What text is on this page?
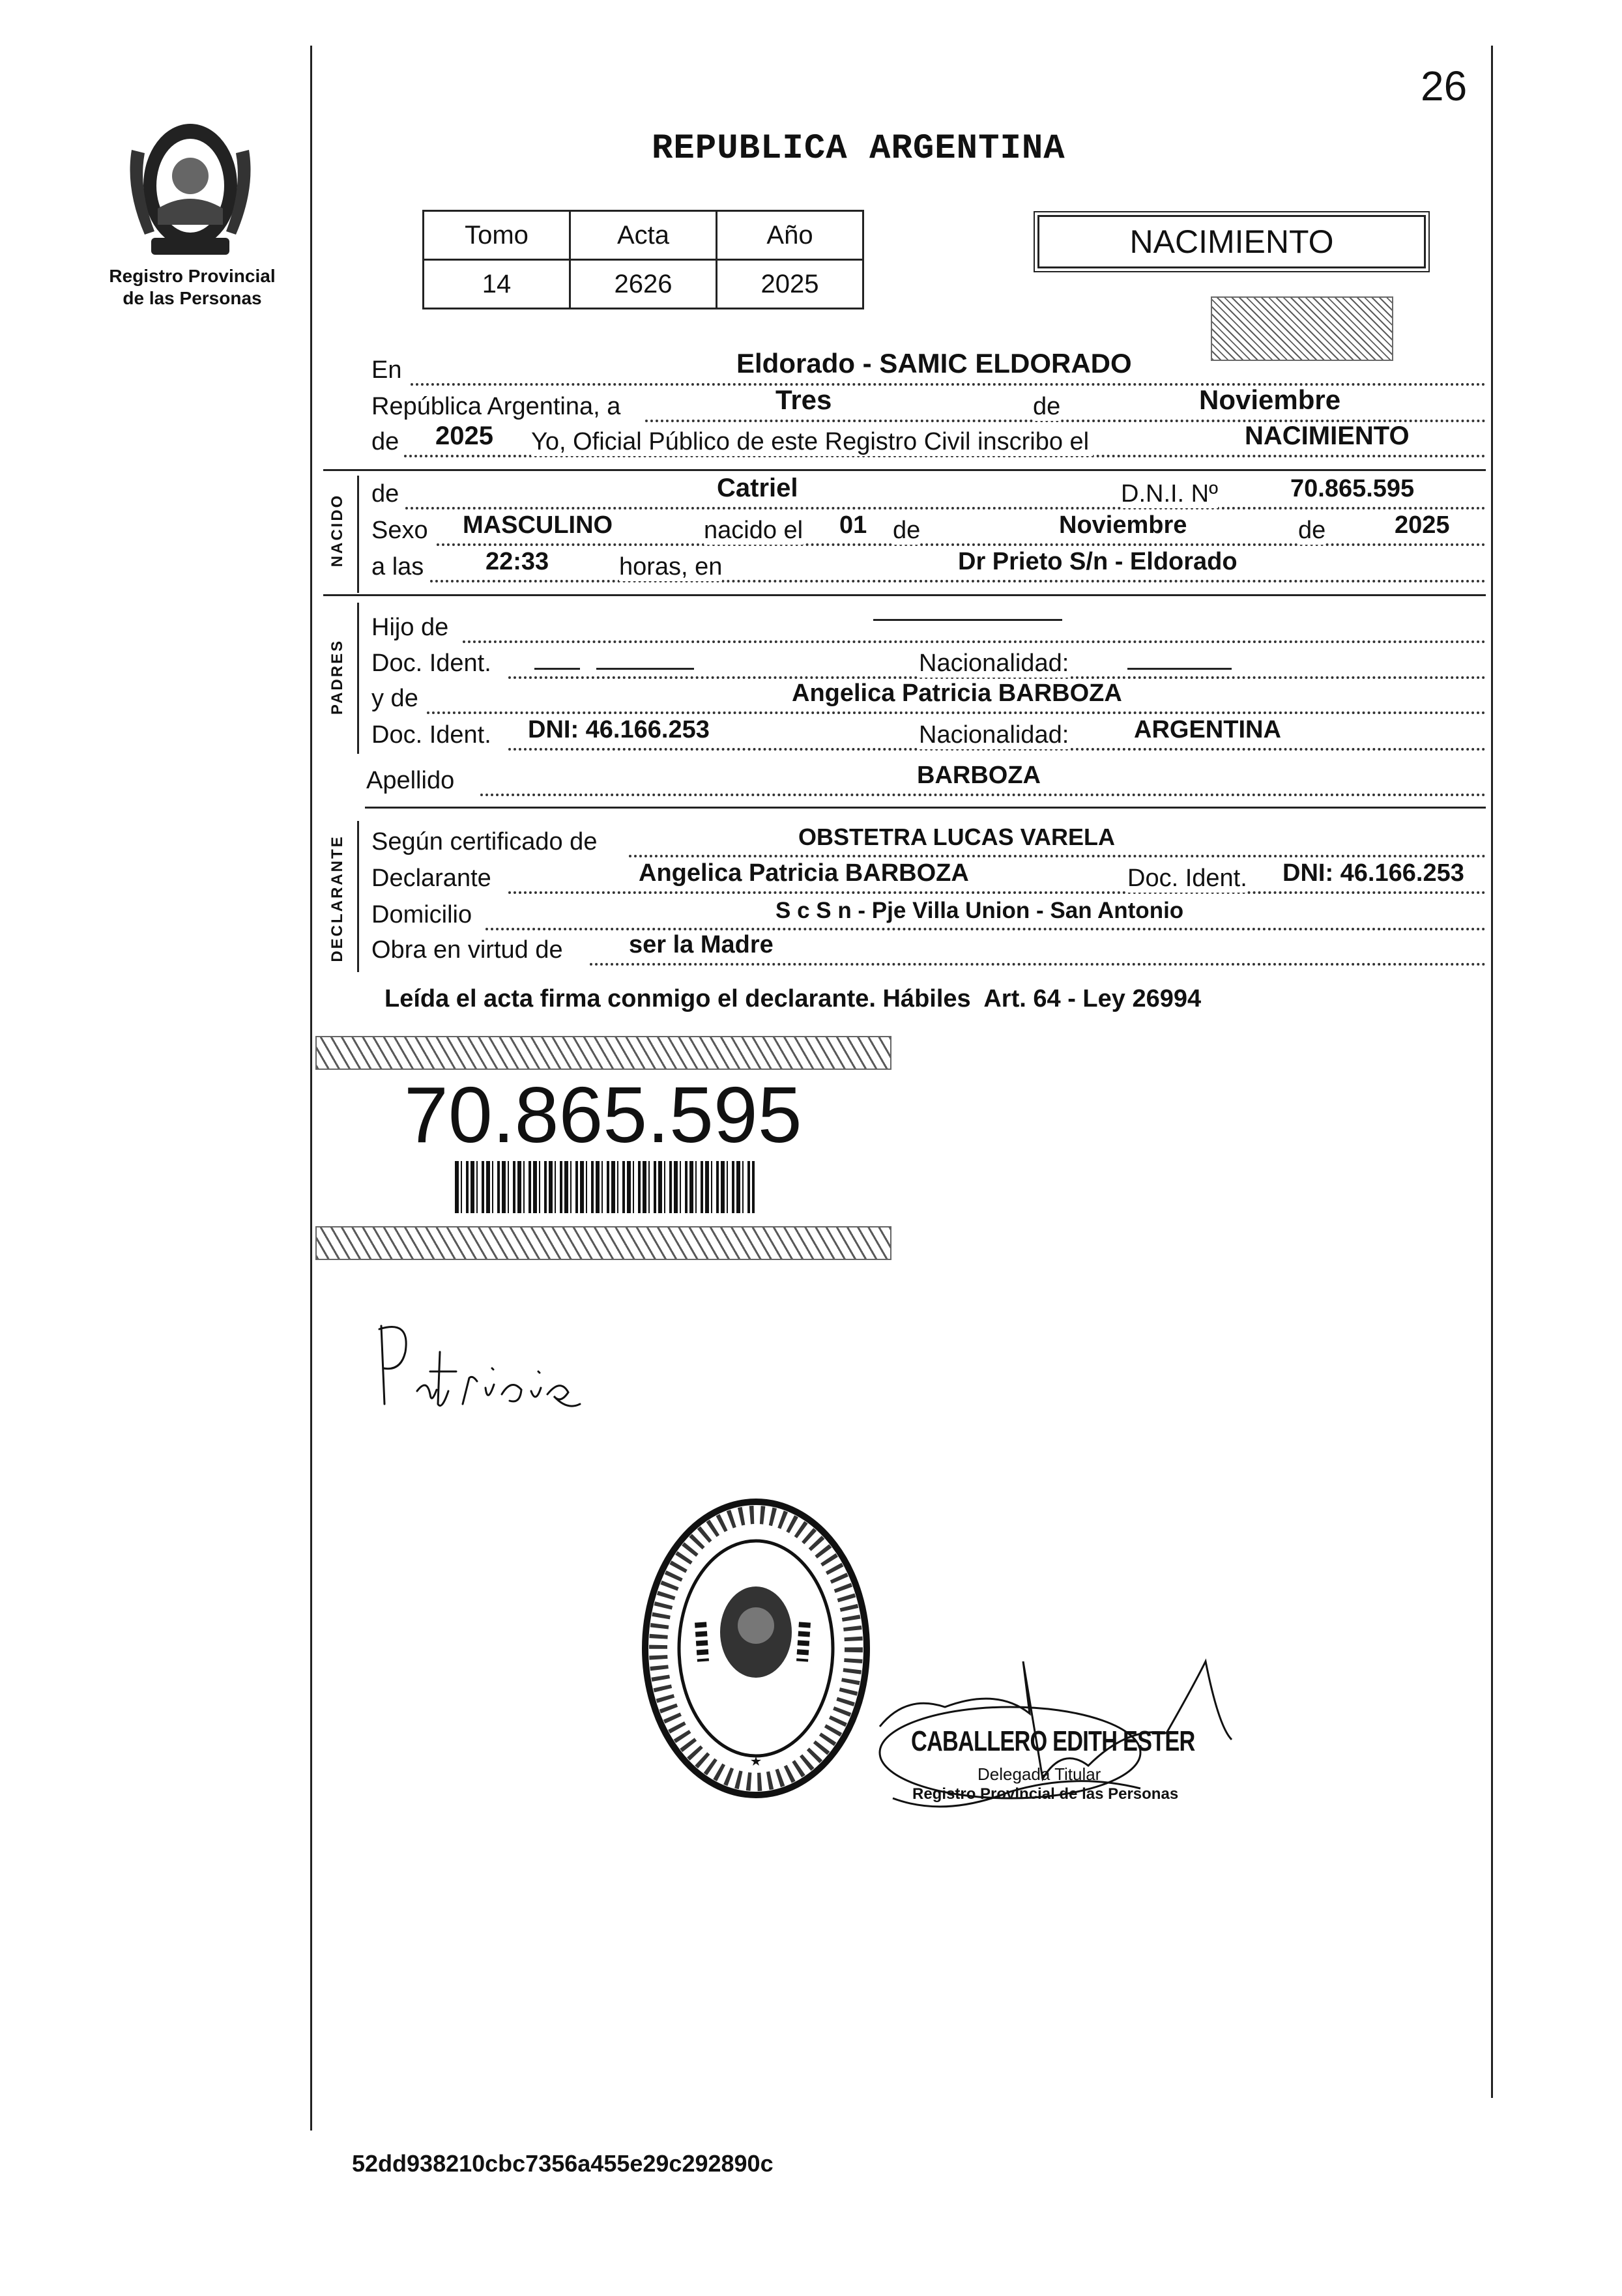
26
Registro Provincial
de las Personas
REPUBLICA ARGENTINA
Tomo	Acta	Año
14	2626	2025
NACIMIENTO
En	Eldorado - SAMIC ELDORADO
República Argentina, a	Tres	de	Noviembre
de 2025 Yo, Oficial Público de este Registro Civil inscribo el	NACIMIENTO
NACIDO de	Catriel	D.N.I. Nº	70.865.595
Sexo MASCULINO	nacido el 01 de	Noviembre	de	2025
a las 22:33	horas, en	Dr Prieto S/n - Eldorado
PADRES
Hijo de
Doc. Ident.	Nacionalidad:
y de	Angelica Patricia BARBOZA
Doc. Ident. DNI: 46.166.253	Nacionalidad:	ARGENTINA
Apellido	BARBOZA
DECLARANTE Según certificado de	OBSTETRA LUCAS VARELA
Declarante	Angelica Patricia BARBOZA	Doc. Ident. DNI: 46.166.253
Domicilio	S c S n - Pje Villa Union - San Antonio
Obra en virtud de	ser la Madre
Leída el acta firma conmigo el declarante. Hábiles  Art. 64 - Ley 26994
70.865.595
CABALLERO EDITH ESTER
Delegada Titular
Registro Provincial de las Personas
52dd938210cbc7356a455e29c292890c
